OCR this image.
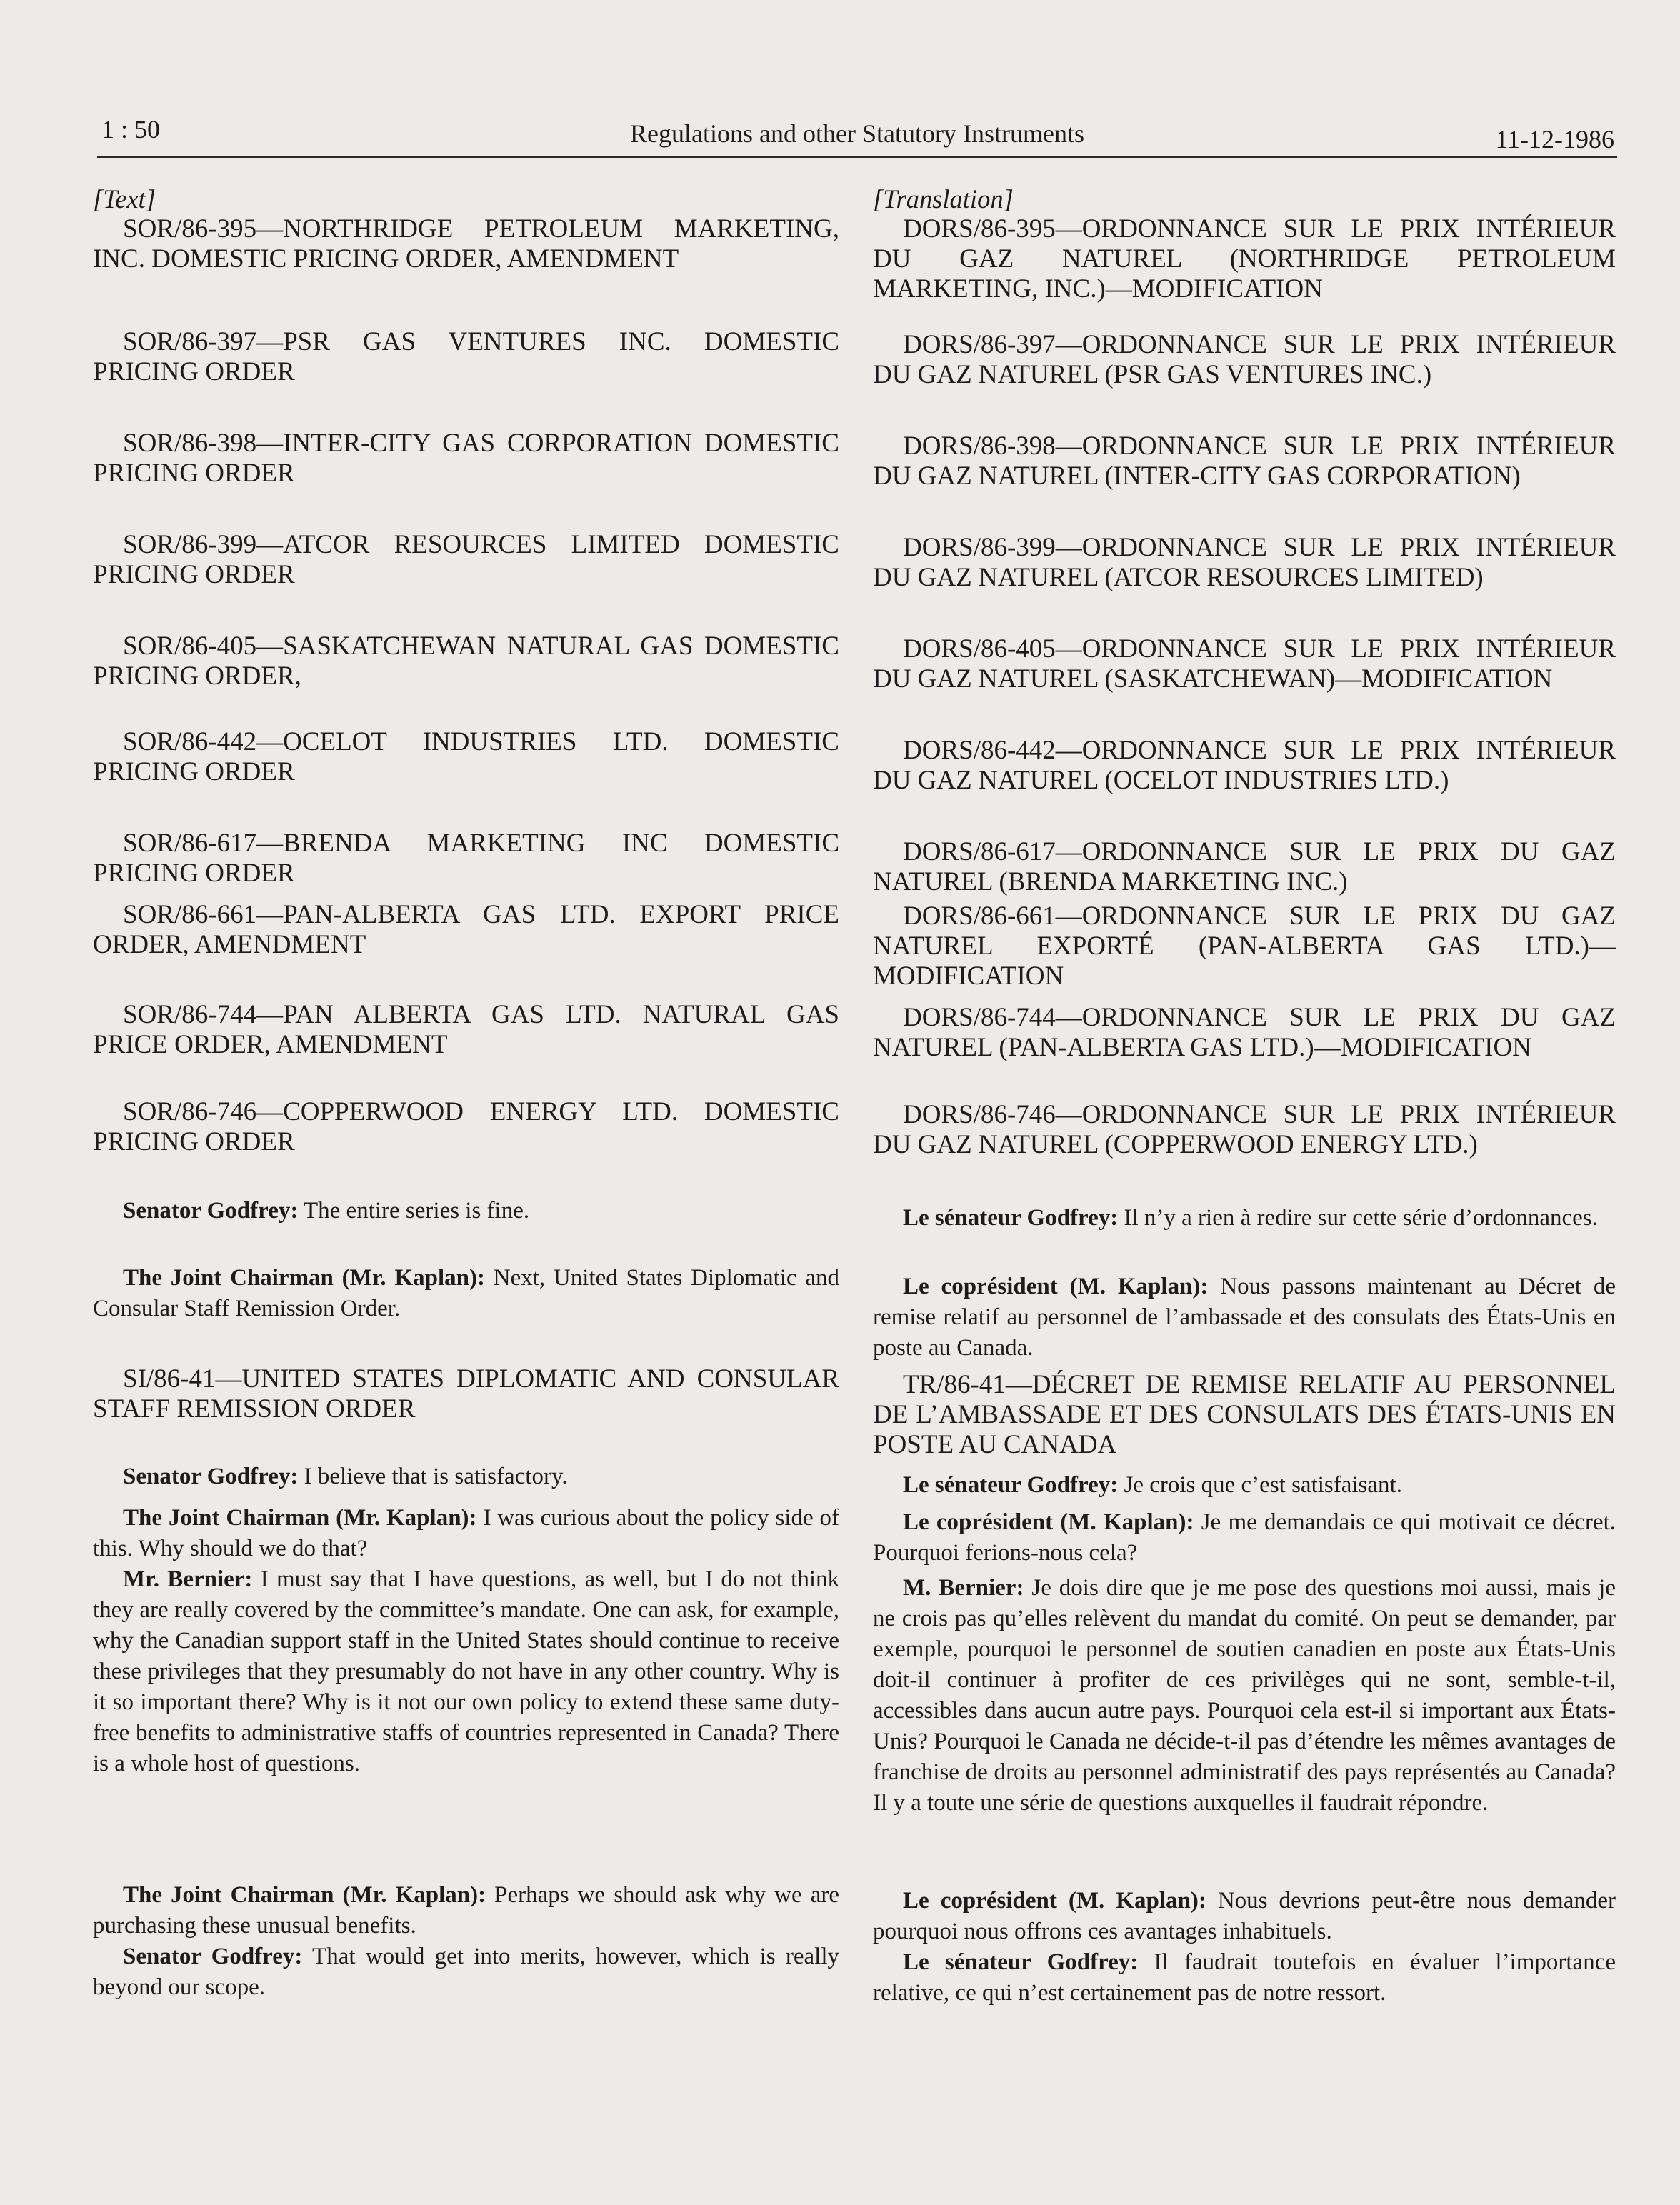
1 : 50	Regulations and other Statutory Instruments	11-12-1986
[Text]
SOR/86-395—NORTHRIDGE PETROLEUM MARKETING, INC. DOMESTIC PRICING ORDER, AMENDMENT
SOR/86-397—PSR GAS VENTURES INC. DOMESTIC PRICING ORDER
SOR/86-398—INTER-CITY GAS CORPORATION DOMESTIC PRICING ORDER
SOR/86-399—ATCOR RESOURCES LIMITED DOMESTIC PRICING ORDER
SOR/86-405—SASKATCHEWAN NATURAL GAS DOMESTIC PRICING ORDER,
SOR/86-442—OCELOT INDUSTRIES LTD. DOMESTIC PRICING ORDER
SOR/86-617—BRENDA MARKETING INC DOMESTIC PRICING ORDER
SOR/86-661—PAN-ALBERTA GAS LTD. EXPORT PRICE ORDER, AMENDMENT
SOR/86-744—PAN ALBERTA GAS LTD. NATURAL GAS PRICE ORDER, AMENDMENT
SOR/86-746—COPPERWOOD ENERGY LTD. DOMESTIC PRICING ORDER

Senator Godfrey: The entire series is fine.

The Joint Chairman (Mr. Kaplan): Next, United States Diplomatic and Consular Staff Remission Order.

SI/86-41—UNITED STATES DIPLOMATIC AND CONSULAR STAFF REMISSION ORDER

Senator Godfrey: I believe that is satisfactory.

The Joint Chairman (Mr. Kaplan): I was curious about the policy side of this. Why should we do that?

Mr. Bernier: I must say that I have questions, as well, but I do not think they are really covered by the committee’s mandate. One can ask, for example, why the Canadian support staff in the United States should continue to receive these privileges that they presumably do not have in any other country. Why is it so important there? Why is it not our own policy to extend these same duty-free benefits to administrative staffs of countries represented in Canada? There is a whole host of questions.

The Joint Chairman (Mr. Kaplan): Perhaps we should ask why we are purchasing these unusual benefits.

Senator Godfrey: That would get into merits, however, which is really beyond our scope.

[Translation]
DORS/86-395—ORDONNANCE SUR LE PRIX INTÉRIEUR DU GAZ NATUREL (NORTHRIDGE PETROLEUM MARKETING, INC.)—MODIFICATION
DORS/86-397—ORDONNANCE SUR LE PRIX INTÉRIEUR DU GAZ NATUREL (PSR GAS VENTURES INC.)
DORS/86-398—ORDONNANCE SUR LE PRIX INTÉRIEUR DU GAZ NATUREL (INTER-CITY GAS CORPORATION)
DORS/86-399—ORDONNANCE SUR LE PRIX INTÉRIEUR DU GAZ NATUREL (ATCOR RESOURCES LIMITED)
DORS/86-405—ORDONNANCE SUR LE PRIX INTÉRIEUR DU GAZ NATUREL (SASKATCHEWAN)—MODIFICATION
DORS/86-442—ORDONNANCE SUR LE PRIX INTÉRIEUR DU GAZ NATUREL (OCELOT INDUSTRIES LTD.)
DORS/86-617—ORDONNANCE SUR LE PRIX DU GAZ NATUREL (BRENDA MARKETING INC.)
DORS/86-661—ORDONNANCE SUR LE PRIX DU GAZ NATUREL EXPORTÉ (PAN-ALBERTA GAS LTD.)—MODIFICATION
DORS/86-744—ORDONNANCE SUR LE PRIX DU GAZ NATUREL (PAN-ALBERTA GAS LTD.)—MODIFICATION
DORS/86-746—ORDONNANCE SUR LE PRIX INTÉRIEUR DU GAZ NATUREL (COPPERWOOD ENERGY LTD.)

Le sénateur Godfrey: Il n’y a rien à redire sur cette série d’ordonnances.

Le coprésident (M. Kaplan): Nous passons maintenant au Décret de remise relatif au personnel de l’ambassade et des consulats des États-Unis en poste au Canada.

TR/86-41—DÉCRET DE REMISE RELATIF AU PERSONNEL DE L’AMBASSADE ET DES CONSULATS DES ÉTATS-UNIS EN POSTE AU CANADA

Le sénateur Godfrey: Je crois que c’est satisfaisant.

Le coprésident (M. Kaplan): Je me demandais ce qui motivait ce décret. Pourquoi ferions-nous cela?

M. Bernier: Je dois dire que je me pose des questions moi aussi, mais je ne crois pas qu’elles relèvent du mandat du comité. On peut se demander, par exemple, pourquoi le personnel de soutien canadien en poste aux États-Unis doit-il continuer à profiter de ces privilèges qui ne sont, semble-t-il, accessibles dans aucun autre pays. Pourquoi cela est-il si important aux États-Unis? Pourquoi le Canada ne décide-t-il pas d’étendre les mêmes avantages de franchise de droits au personnel administratif des pays représentés au Canada? Il y a toute une série de questions auxquelles il faudrait répondre.

Le coprésident (M. Kaplan): Nous devrions peut-être nous demander pourquoi nous offrons ces avantages inhabituels.

Le sénateur Godfrey: Il faudrait toutefois en évaluer l’importance relative, ce qui n’est certainement pas de notre ressort.
